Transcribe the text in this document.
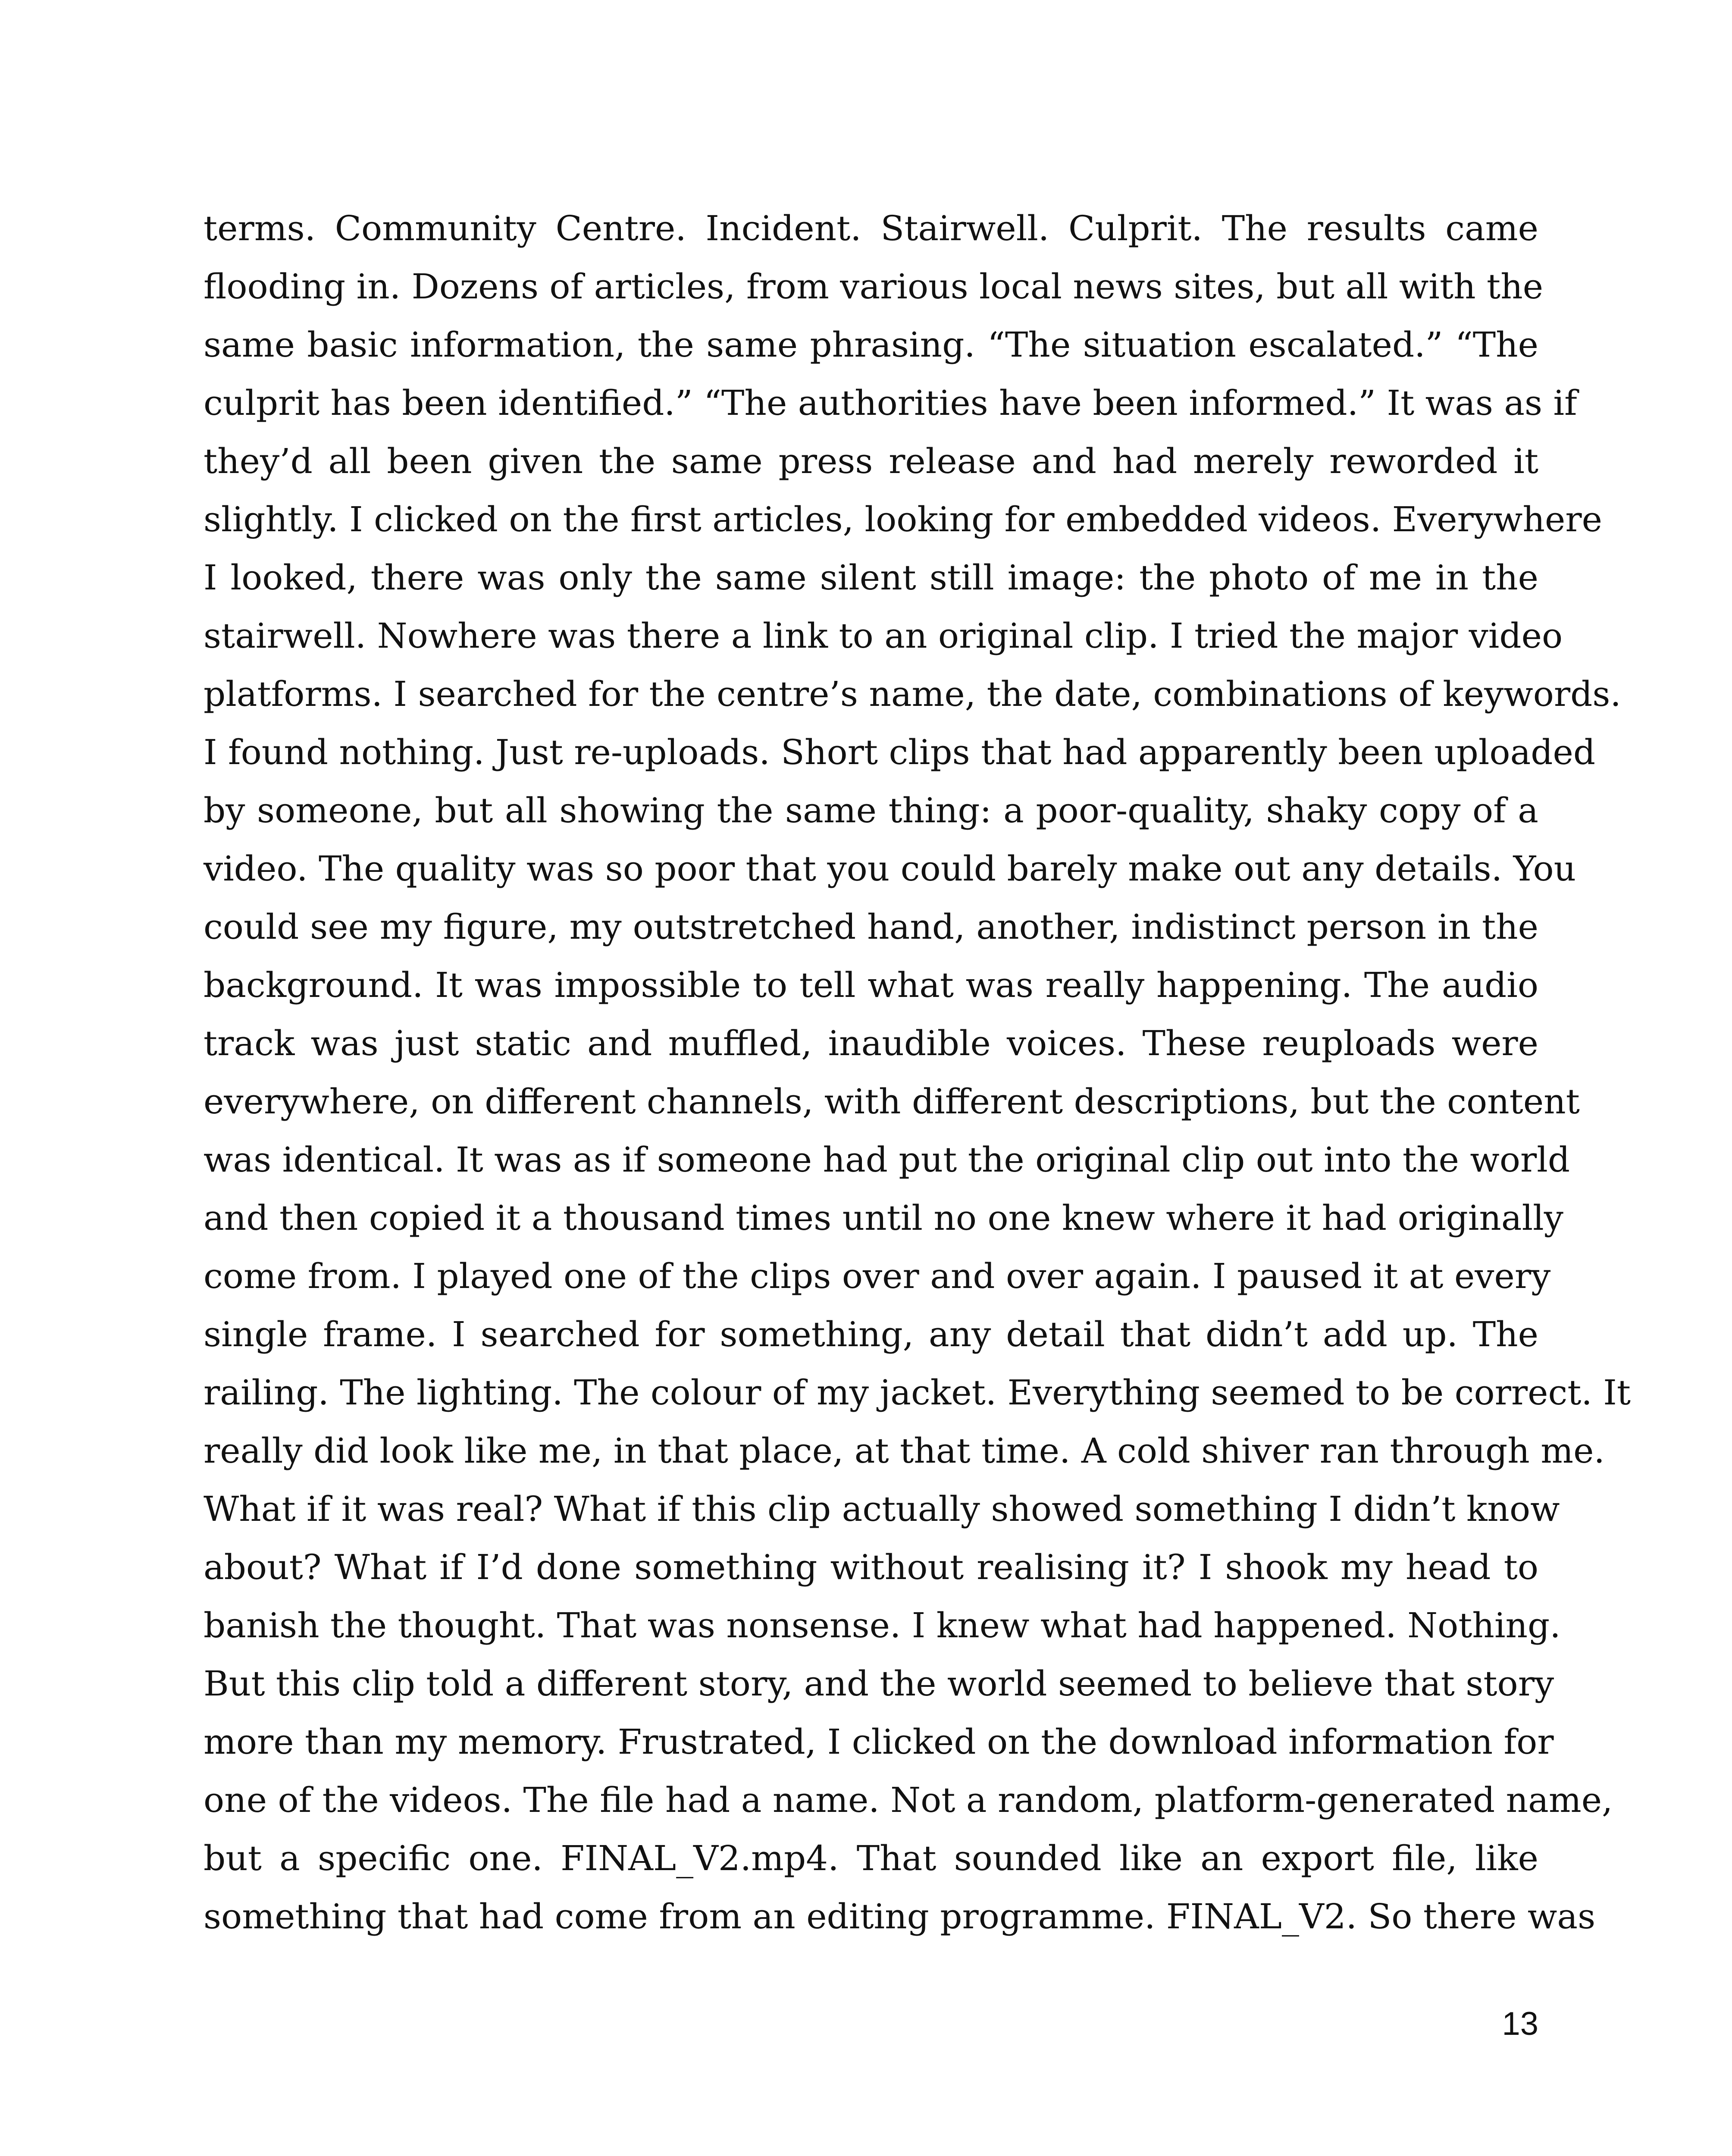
terms. Community Centre. Incident. Stairwell. Culprit. The results came
flooding in. Dozens of articles, from various local news sites, but all with the
same basic information, the same phrasing. “The situation escalated.” “The
culprit has been identified.” “The authorities have been informed.” It was as if
they’d all been given the same press release and had merely reworded it
slightly. I clicked on the first articles, looking for embedded videos. Everywhere
I looked, there was only the same silent still image: the photo of me in the
stairwell. Nowhere was there a link to an original clip. I tried the major video
platforms. I searched for the centre’s name, the date, combinations of keywords.
I found nothing. Just re-uploads. Short clips that had apparently been uploaded
by someone, but all showing the same thing: a poor-quality, shaky copy of a
video. The quality was so poor that you could barely make out any details. You
could see my figure, my outstretched hand, another, indistinct person in the
background. It was impossible to tell what was really happening. The audio
track was just static and muffled, inaudible voices. These reuploads were
everywhere, on different channels, with different descriptions, but the content
was identical. It was as if someone had put the original clip out into the world
and then copied it a thousand times until no one knew where it had originally
come from. I played one of the clips over and over again. I paused it at every
single frame. I searched for something, any detail that didn’t add up. The
railing. The lighting. The colour of my jacket. Everything seemed to be correct. It
really did look like me, in that place, at that time. A cold shiver ran through me.
What if it was real? What if this clip actually showed something I didn’t know
about? What if I’d done something without realising it? I shook my head to
banish the thought. That was nonsense. I knew what had happened. Nothing.
But this clip told a different story, and the world seemed to believe that story
more than my memory. Frustrated, I clicked on the download information for
one of the videos. The file had a name. Not a random, platform-generated name,
but a specific one. FINAL_V2.mp4. That sounded like an export file, like
something that had come from an editing programme. FINAL_V2. So there was
13
